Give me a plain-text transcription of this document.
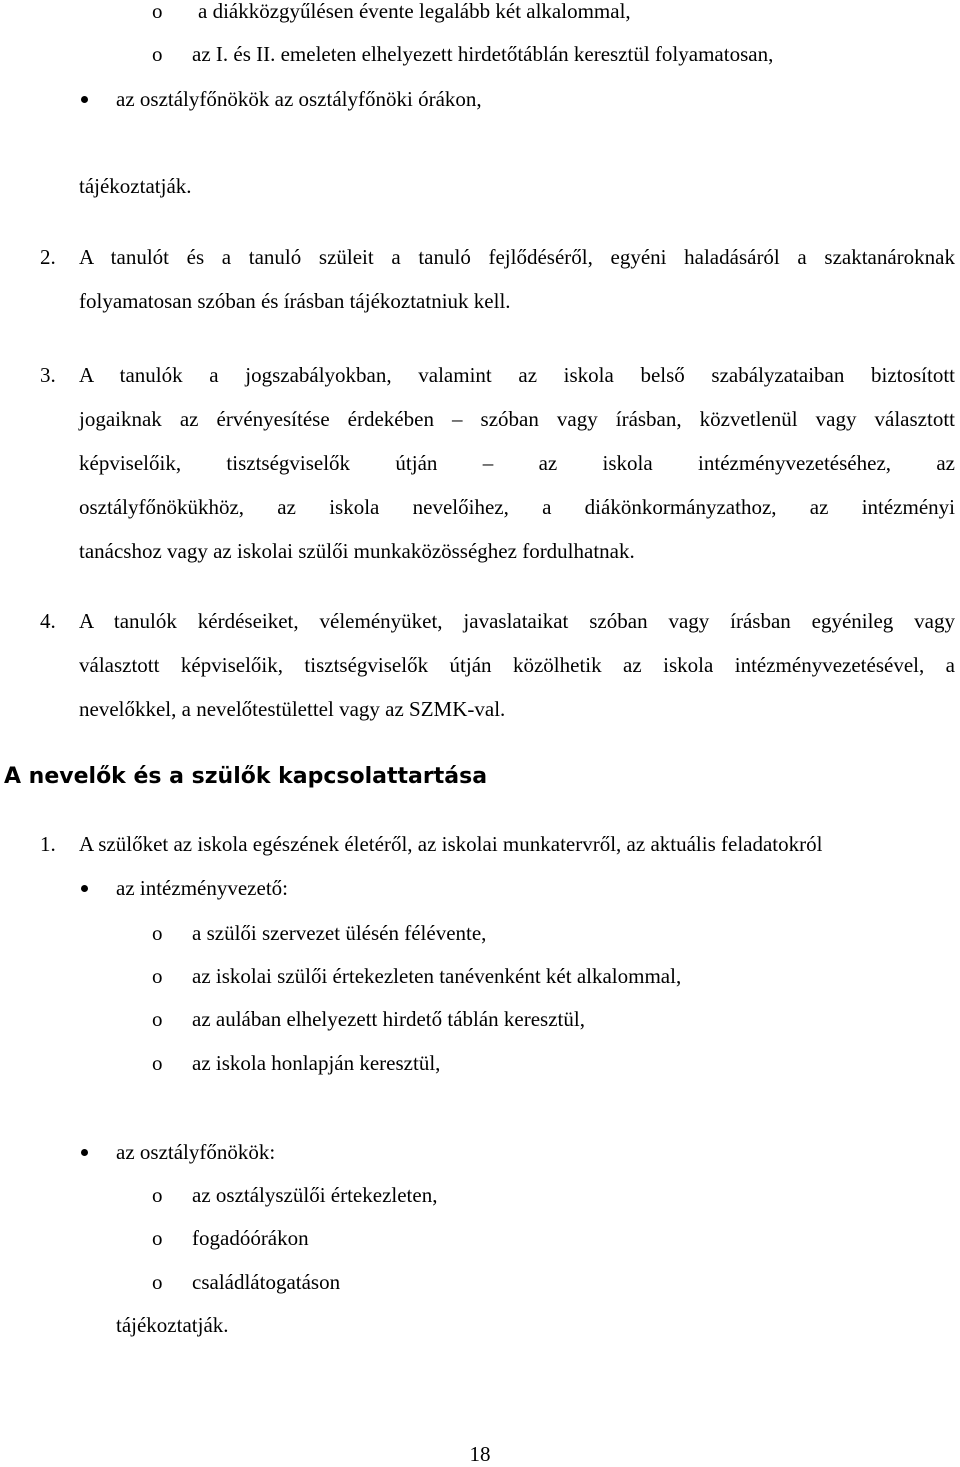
o a diákközgyűlésen évente legalább két alkalommal,
o az I. és II. emeleten elhelyezett hirdetőtáblán keresztül folyamatosan,
az osztályfőnökök az osztályfőnöki órákon,
tájékoztatják.
2. A tanulót és a tanuló szüleit a tanuló fejlődéséről, egyéni haladásáról a szaktanároknak
folyamatosan szóban és írásban tájékoztatniuk kell.
3. A tanulók a jogszabályokban, valamint az iskola belső szabályzataiban biztosított
jogaiknak az érvényesítése érdekében – szóban vagy írásban, közvetlenül vagy választott
képviselőik, tisztségviselők útján – az iskola intézményvezetéséhez, az
osztályfőnökükhöz, az iskola nevelőihez, a diákönkormányzathoz, az intézményi
tanácshoz vagy az iskolai szülői munkaközösséghez fordulhatnak.
4. A tanulók kérdéseiket, véleményüket, javaslataikat szóban vagy írásban egyénileg vagy
választott képviselőik, tisztségviselők útján közölhetik az iskola intézményvezetésével, a
nevelőkkel, a nevelőtestülettel vagy az SZMK-val.
A nevelők és a szülők kapcsolattartása
1. A szülőket az iskola egészének életéről, az iskolai munkatervről, az aktuális feladatokról
az intézményvezető:
o a szülői szervezet ülésén félévente,
o az iskolai szülői értekezleten tanévenként két alkalommal,
o az aulában elhelyezett hirdető táblán keresztül,
o az iskola honlapján keresztül,
az osztályfőnökök:
o az osztályszülői értekezleten,
o fogadóórákon
o családlátogatáson
tájékoztatják.
18
